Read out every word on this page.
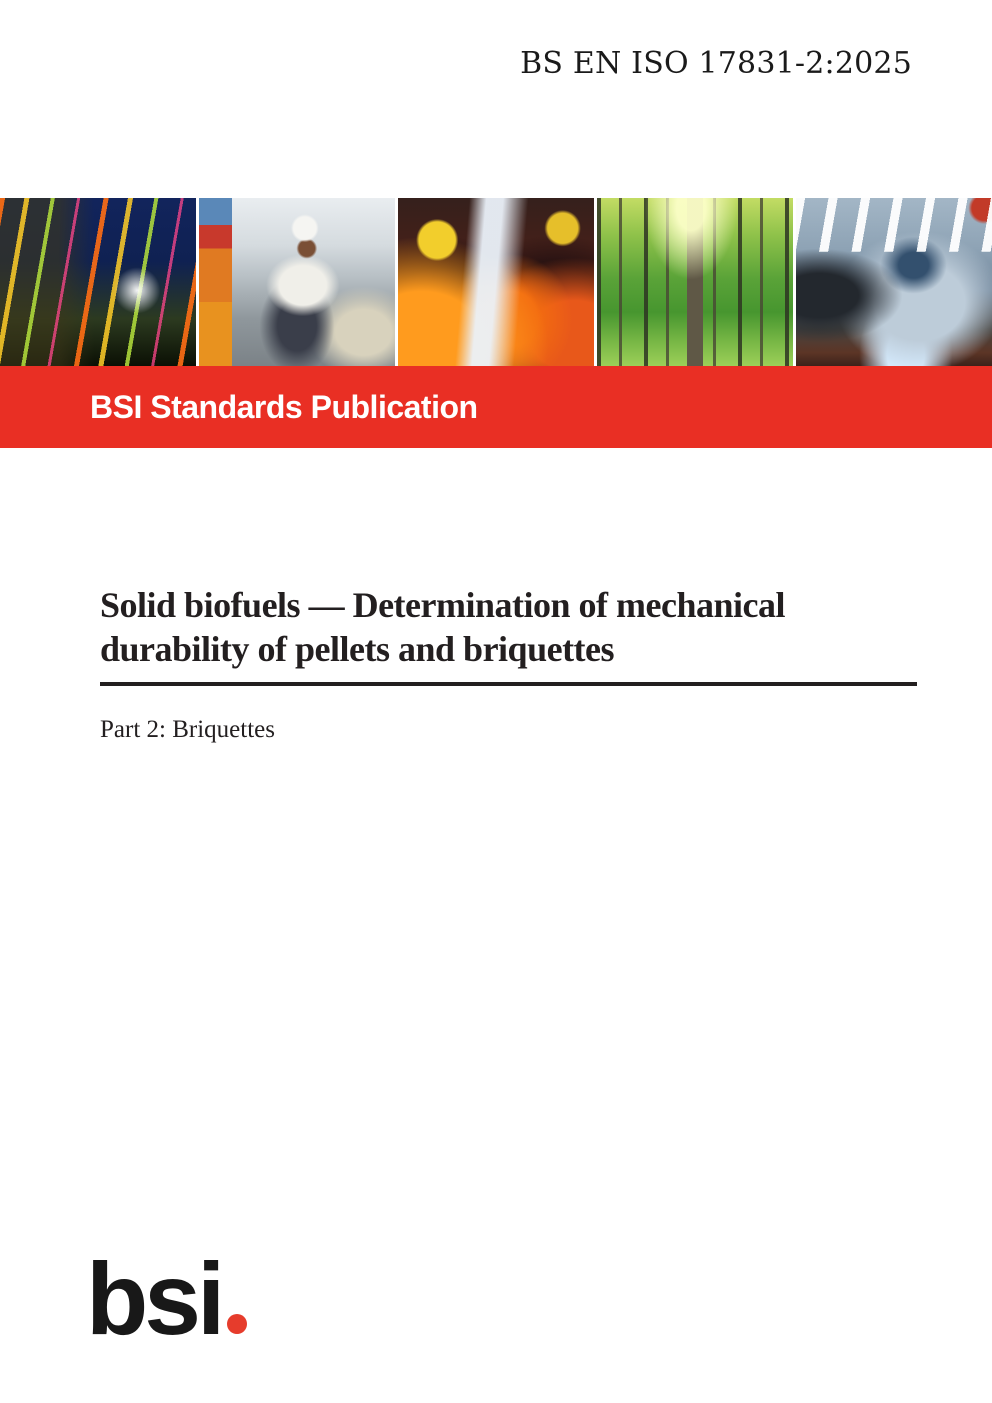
BS EN ISO 17831-2:2025
BSI Standards Publication
Solid biofuels — Determination of mechanical
durability of pellets and briquettes
Part 2: Briquettes
bsi
